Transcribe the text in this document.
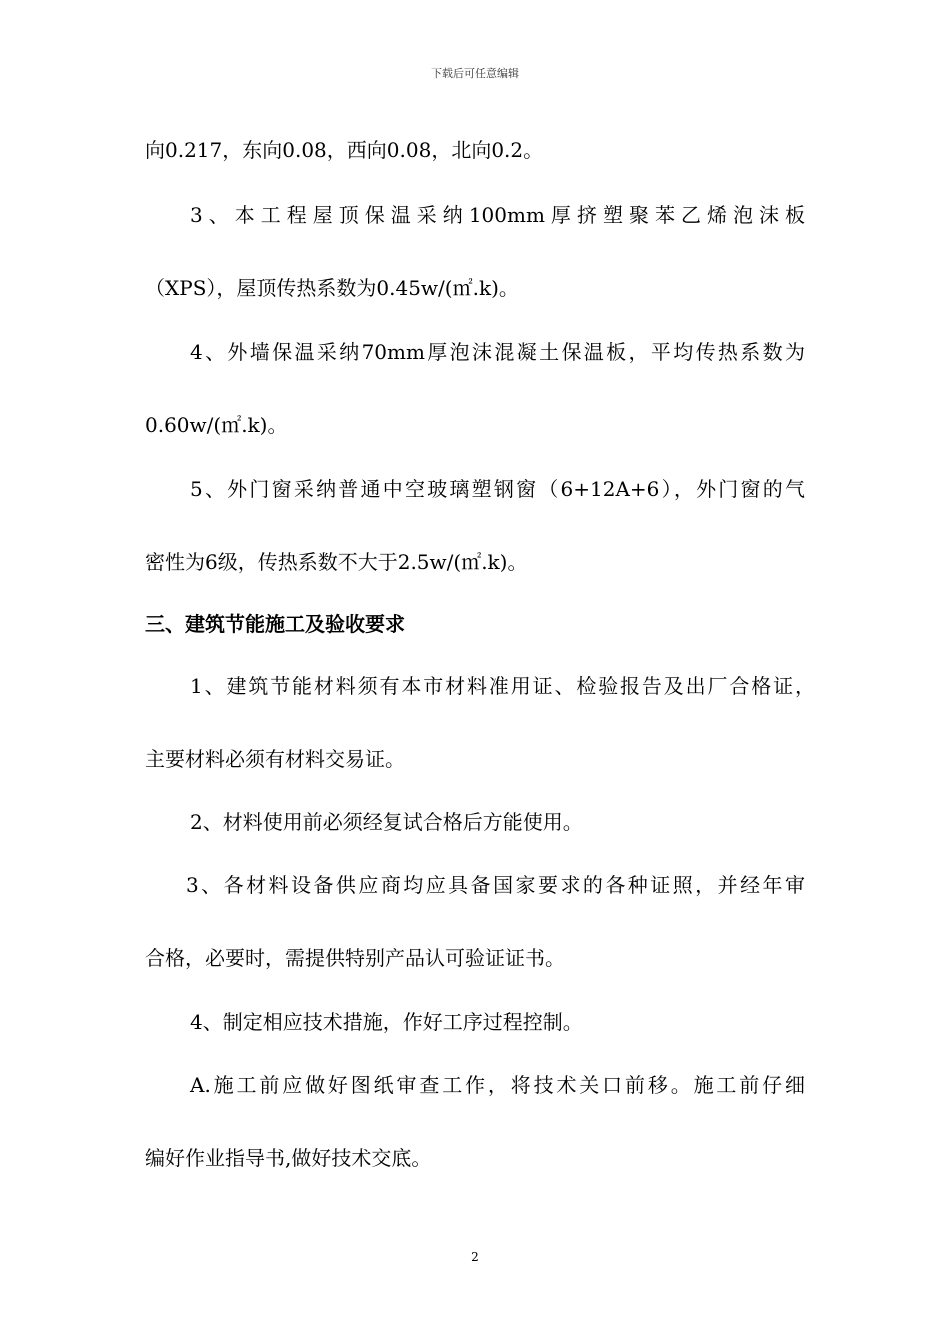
下载后可任意编辑
向0.217，东向0.08，西向0.08，北向0.2。
3、本工程屋顶保温采纳100mm厚挤塑聚苯乙烯泡沫板
（XPS），屋顶传热系数为0.45w/(㎡.k)。
4、外墙保温采纳70mm厚泡沫混凝土保温板，平均传热系数为
0.60w/(㎡.k)。
5、外门窗采纳普通中空玻璃塑钢窗（6+12A+6），外门窗的气
密性为6级，传热系数不大于2.5w/(㎡.k)。
三、建筑节能施工及验收要求
1、建筑节能材料须有本市材料准用证、检验报告及出厂合格证，
主要材料必须有材料交易证。
2、材料使用前必须经复试合格后方能使用。
3、各材料设备供应商均应具备国家要求的各种证照，并经年审
合格，必要时，需提供特别产品认可验证证书。
4、制定相应技术措施，作好工序过程控制。
A.施工前应做好图纸审查工作，将技术关口前移。施工前仔细
编好作业指导书,做好技术交底。
2
